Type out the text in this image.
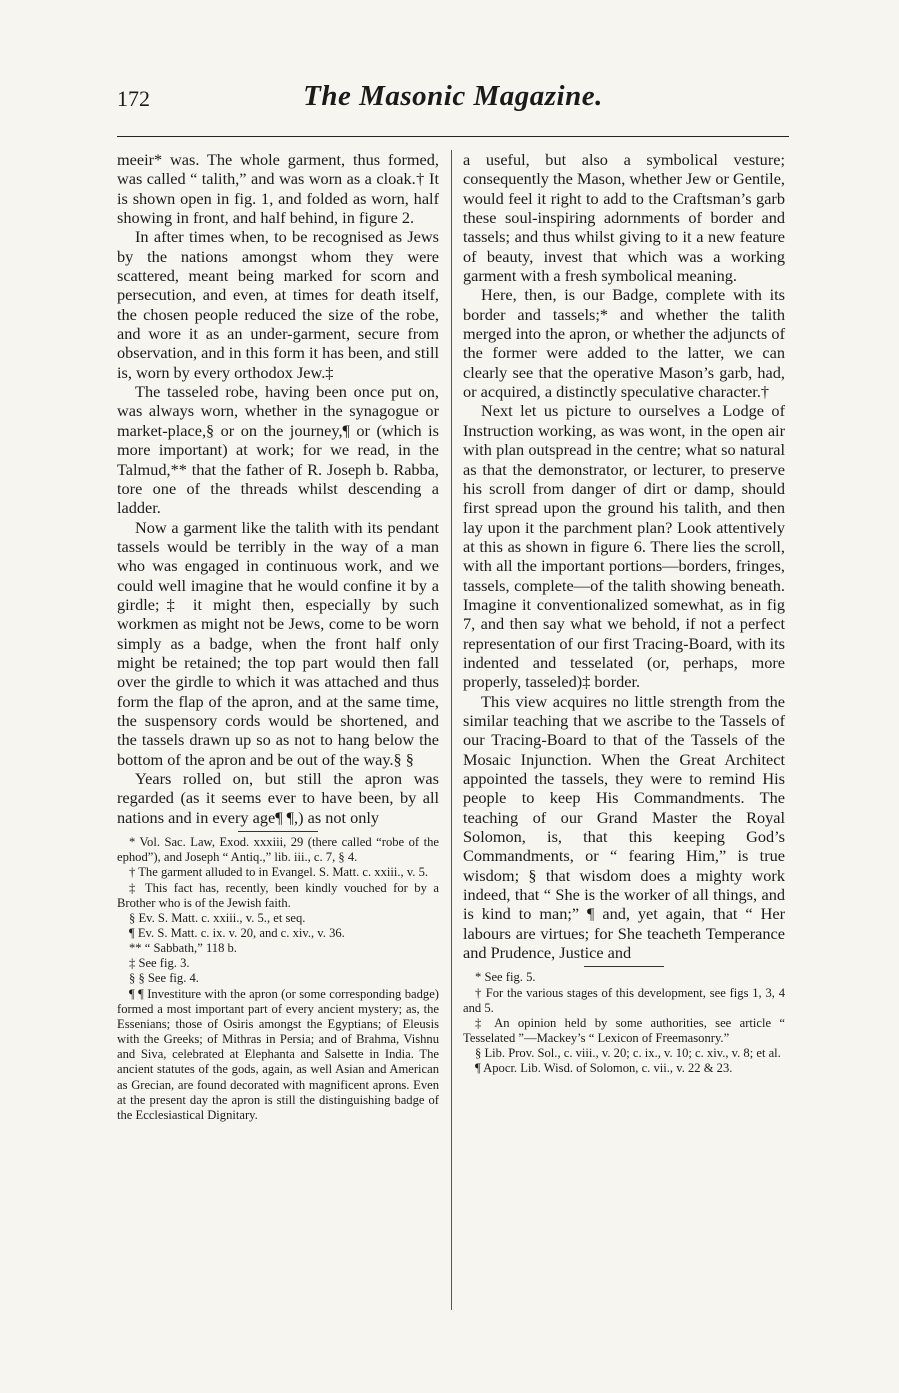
172	The Masonic Magazine.

meeir* was. The whole garment, thus formed, was called “ talith,” and was worn as a cloak.† It is shown open in fig. 1, and folded as worn, half showing in front, and half behind, in figure 2.

In after times when, to be recognised as Jews by the nations amongst whom they were scattered, meant being marked for scorn and persecution, and even, at times for death itself, the chosen people reduced the size of the robe, and wore it as an under-garment, secure from observation, and in this form it has been, and still is, worn by every orthodox Jew.‡

The tasseled robe, having been once put on, was always worn, whether in the synagogue or market-place,§ or on the journey,¶ or (which is more important) at work; for we read, in the Talmud,** that the father of R. Joseph b. Rabba, tore one of the threads whilst descending a ladder.

Now a garment like the talith with its pendant tassels would be terribly in the way of a man who was engaged in continuous work, and we could well imagine that he would confine it by a girdle;‡ it might then, especially by such workmen as might not be Jews, come to be worn simply as a badge, when the front half only might be retained; the top part would then fall over the girdle to which it was attached and thus form the flap of the apron, and at the same time, the suspensory cords would be shortened, and the tassels drawn up so as not to hang below the bottom of the apron and be out of the way.§ §

Years rolled on, but still the apron was regarded (as it seems ever to have been, by all nations and in every age¶ ¶,) as not only

* Vol. Sac. Law, Exod. xxxiii, 29 (there called “robe of the ephod”), and Joseph “ Antiq.,” lib. iii., c. 7, § 4.

† The garment alluded to in Evangel. S. Matt. c. xxiii., v. 5.

‡ This fact has, recently, been kindly vouched for by a Brother who is of the Jewish faith.

§ Ev. S. Matt. c. xxiii., v. 5., et seq.

¶ Ev. S. Matt. c. ix. v. 20, and c. xiv., v. 36.

** “ Sabbath,” 118 b.

‡ See fig. 3.

§ § See fig. 4.

¶ ¶ Investiture with the apron (or some corresponding badge) formed a most important part of every ancient mystery; as, the Essenians; those of Osiris amongst the Egyptians; of Eleusis with the Greeks; of Mithras in Persia; and of Brahma, Vishnu and Siva, celebrated at Elephanta and Salsette in India. The ancient statutes of the gods, again, as well Asian and American as Grecian, are found decorated with magnificent aprons. Even at the present day the apron is still the distinguishing badge of the Ecclesiastical Dignitary.

a useful, but also a symbolical vesture; consequently the Mason, whether Jew or Gentile, would feel it right to add to the Craftsman’s garb these soul-inspiring adornments of border and tassels; and thus whilst giving to it a new feature of beauty, invest that which was a working garment with a fresh symbolical meaning.

Here, then, is our Badge, complete with its border and tassels;* and whether the talith merged into the apron, or whether the adjuncts of the former were added to the latter, we can clearly see that the operative Mason’s garb, had, or acquired, a distinctly speculative character.†

Next let us picture to ourselves a Lodge of Instruction working, as was wont, in the open air with plan outspread in the centre; what so natural as that the demonstrator, or lecturer, to preserve his scroll from danger of dirt or damp, should first spread upon the ground his talith, and then lay upon it the parchment plan? Look attentively at this as shown in figure 6. There lies the scroll, with all the important portions—borders, fringes, tassels, complete—of the talith showing beneath. Imagine it conventionalized somewhat, as in fig 7, and then say what we behold, if not a perfect representation of our first Tracing-Board, with its indented and tesselated (or, perhaps, more properly, tasseled)‡ border.

This view acquires no little strength from the similar teaching that we ascribe to the Tassels of our Tracing-Board to that of the Tassels of the Mosaic Injunction. When the Great Architect appointed the tassels, they were to remind His people to keep His Commandments. The teaching of our Grand Master the Royal Solomon, is, that this keeping God’s Commandments, or “ fearing Him,” is true wisdom; § that wisdom does a mighty work indeed, that “ She is the worker of all things, and is kind to man;” ¶ and, yet again, that “ Her labours are virtues; for She teacheth Temperance and Prudence, Justice and

* See fig. 5.

† For the various stages of this development, see figs 1, 3, 4 and 5.

‡ An opinion held by some authorities, see article “ Tesselated ”—Mackey’s “ Lexicon of Freemasonry.”

§ Lib. Prov. Sol., c. viii., v. 20; c. ix., v. 10; c. xiv., v. 8; et al.

¶ Apocr. Lib. Wisd. of Solomon, c. vii., v. 22 & 23.
